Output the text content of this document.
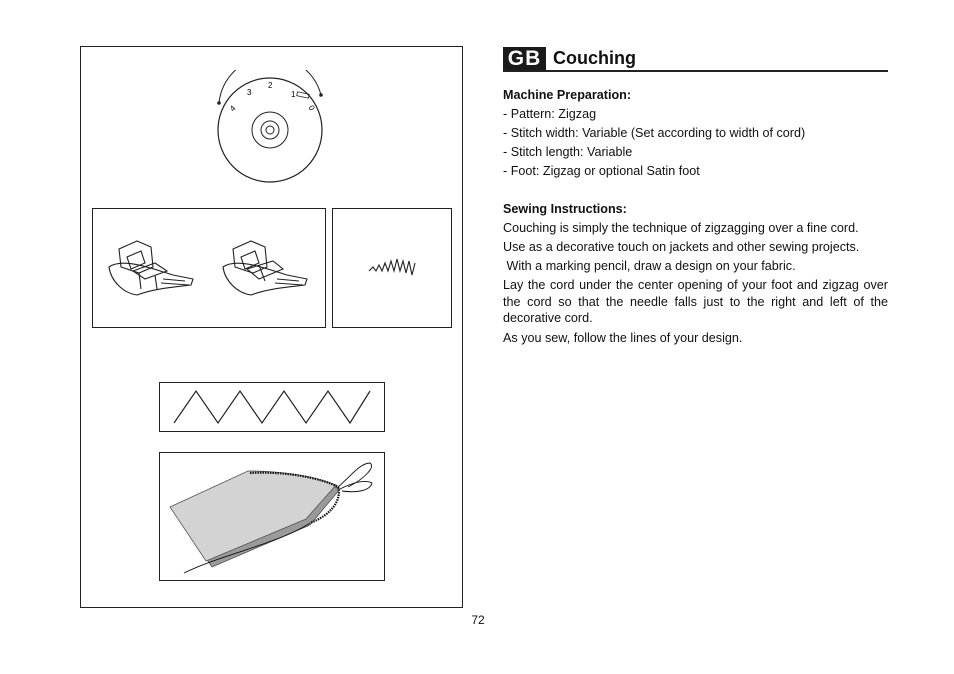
4
3
2
1
0
GB Couching

Machine Preparation:

- Pattern: Zigzag

- Stitch width: Variable (Set according to width of cord)

- Stitch length: Variable

- Foot: Zigzag or optional Satin foot

Sewing Instructions:

Couching is simply the technique of zigzagging over a fine cord.

Use as a decorative touch on jackets and other sewing projects.

With a marking pencil, draw a design on your fabric.

Lay the cord under the center opening of your foot and zigzag over the cord so that the needle falls just to the right and left of the decorative cord.

As you sew, follow the lines of your design.

72
